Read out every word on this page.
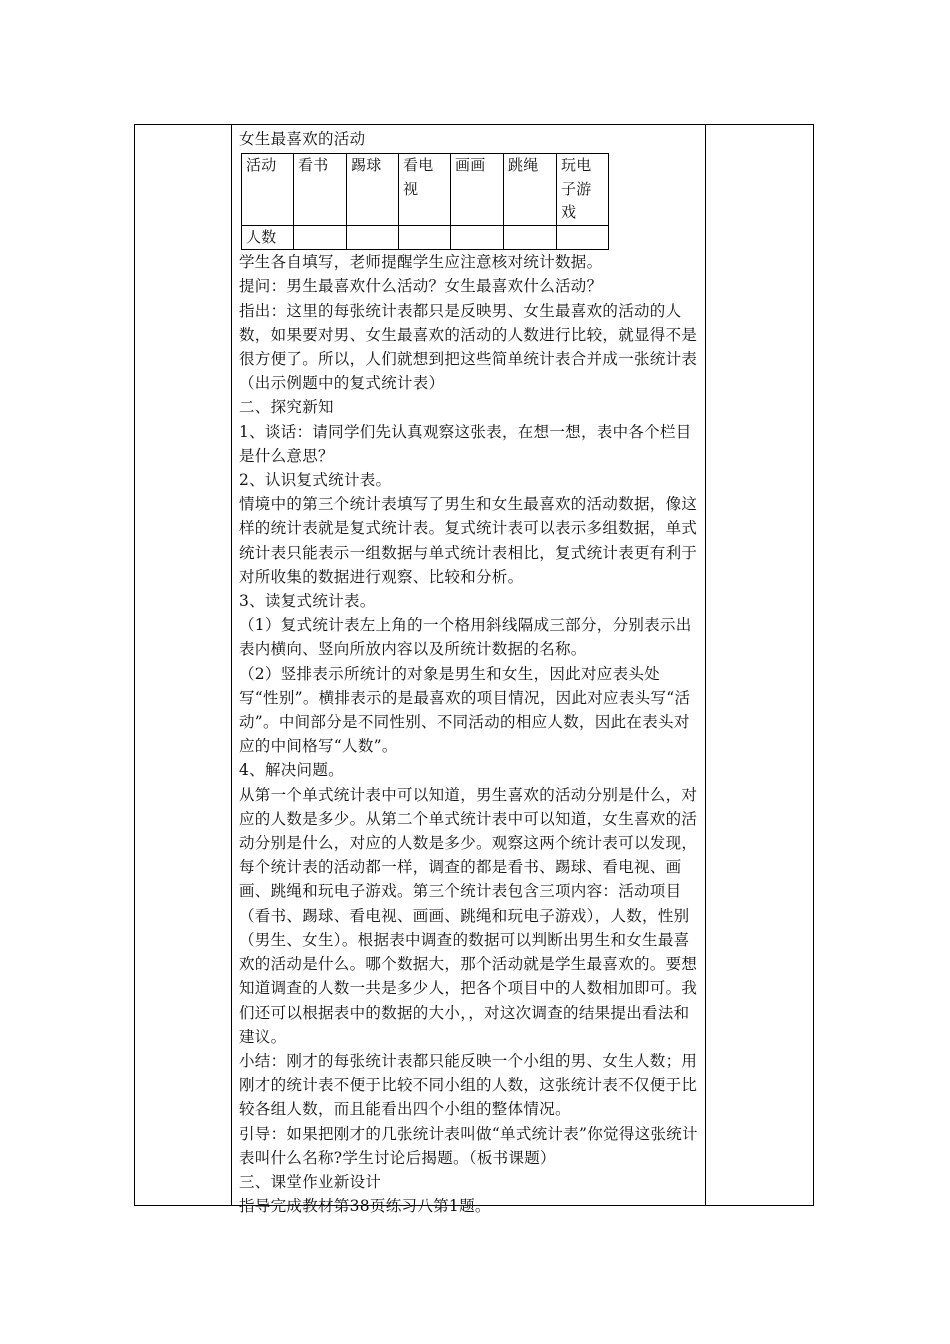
女生最喜欢的活动

活动	看书	踢球	看电视	画画	跳绳	玩电子游戏

人数						

学生各自填写，老师提醒学生应注意核对统计数据。

提问：男生最喜欢什么活动？女生最喜欢什么活动？

指出：这里的每张统计表都只是反映男、女生最喜欢的活动的人数，如果要对男、女生最喜欢的活动的人数进行比较，就显得不是很方便了。所以，人们就想到把这些简单统计表合并成一张统计表（出示例题中的复式统计表）

二、探究新知

1、谈话：请同学们先认真观察这张表，在想一想，表中各个栏目是什么意思？

2、认识复式统计表。

情境中的第三个统计表填写了男生和女生最喜欢的活动数据，像这样的统计表就是复式统计表。复式统计表可以表示多组数据，单式统计表只能表示一组数据与单式统计表相比，复式统计表更有利于对所收集的数据进行观察、比较和分析。

3、读复式统计表。

（1）复式统计表左上角的一个格用斜线隔成三部分，分别表示出表内横向、竖向所放内容以及所统计数据的名称。

（2）竖排表示所统计的对象是男生和女生，因此对应表头处写“性别”。横排表示的是最喜欢的项目情况，因此对应表头写“活动”。中间部分是不同性别、不同活动的相应人数，因此在表头对应的中间格写“人数”。

4、解决问题。

从第一个单式统计表中可以知道，男生喜欢的活动分别是什么，对应的人数是多少。从第二个单式统计表中可以知道，女生喜欢的活动分别是什么，对应的人数是多少。观察这两个统计表可以发现，每个统计表的活动都一样，调查的都是看书、踢球、看电视、画画、跳绳和玩电子游戏。第三个统计表包含三项内容：活动项目（看书、踢球、看电视、画画、跳绳和玩电子游戏），人数，性别（男生、女生）。根据表中调查的数据可以判断出男生和女生最喜欢的活动是什么。哪个数据大，那个活动就是学生最喜欢的。要想知道调查的人数一共是多少人，把各个项目中的人数相加即可。我们还可以根据表中的数据的大小，，对这次调查的结果提出看法和建议。

小结：刚才的每张统计表都只能反映一个小组的男、女生人数；用刚才的统计表不便于比较不同小组的人数，这张统计表不仅便于比较各组人数，而且能看出四个小组的整体情况。

引导：如果把刚才的几张统计表叫做“单式统计表”你觉得这张统计表叫什么名称?学生讨论后揭题。（板书课题）

三、课堂作业新设计

指导完成教材第38页练习八第1题。
